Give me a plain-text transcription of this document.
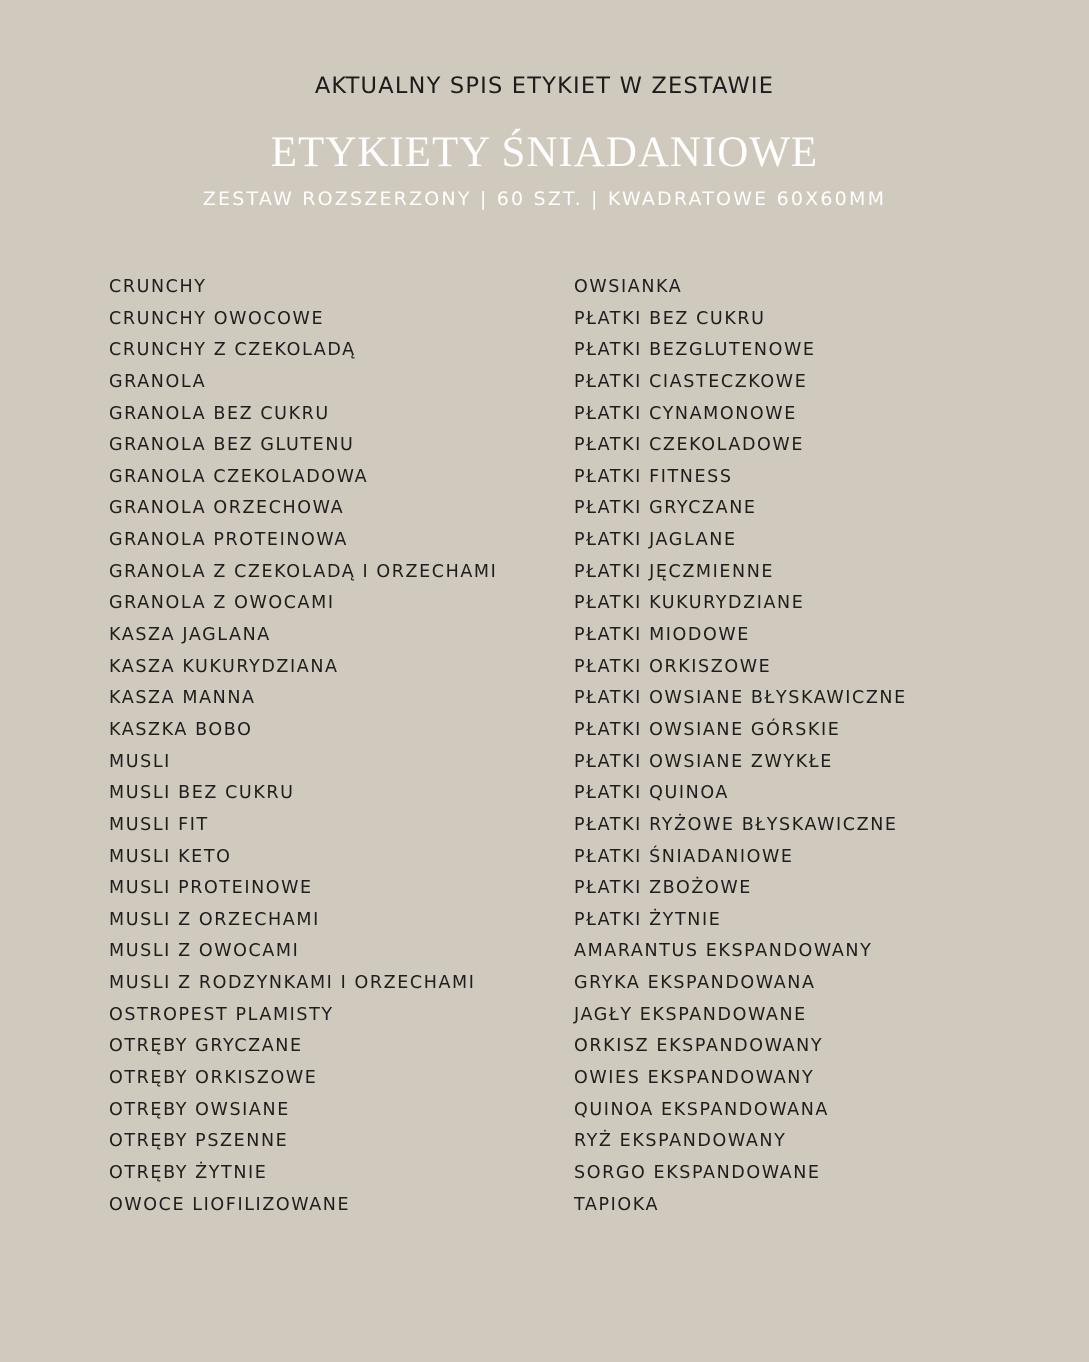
AKTUALNY SPIS ETYKIET W ZESTAWIE
ETYKIETY ŚNIADANIOWE
ZESTAW ROZSZERZONY | 60 SZT. | KWADRATOWE 60X60MM
CRUNCHY
CRUNCHY OWOCOWE
CRUNCHY Z CZEKOLADĄ
GRANOLA
GRANOLA BEZ CUKRU
GRANOLA BEZ GLUTENU
GRANOLA CZEKOLADOWA
GRANOLA ORZECHOWA
GRANOLA PROTEINOWA
GRANOLA Z CZEKOLADĄ I ORZECHAMI
GRANOLA Z OWOCAMI
KASZA JAGLANA
KASZA KUKURYDZIANA
KASZA MANNA
KASZKA BOBO
MUSLI
MUSLI BEZ CUKRU
MUSLI FIT
MUSLI KETO
MUSLI PROTEINOWE
MUSLI Z ORZECHAMI
MUSLI Z OWOCAMI
MUSLI Z RODZYNKAMI I ORZECHAMI
OSTROPEST PLAMISTY
OTRĘBY GRYCZANE
OTRĘBY ORKISZOWE
OTRĘBY OWSIANE
OTRĘBY PSZENNE
OTRĘBY ŻYTNIE
OWOCE LIOFILIZOWANE
OWSIANKA
PŁATKI BEZ CUKRU
PŁATKI BEZGLUTENOWE
PŁATKI CIASTECZKOWE
PŁATKI CYNAMONOWE
PŁATKI CZEKOLADOWE
PŁATKI FITNESS
PŁATKI GRYCZANE
PŁATKI JAGLANE
PŁATKI JĘCZMIENNE
PŁATKI KUKURYDZIANE
PŁATKI MIODOWE
PŁATKI ORKISZOWE
PŁATKI OWSIANE BŁYSKAWICZNE
PŁATKI OWSIANE GÓRSKIE
PŁATKI OWSIANE ZWYKŁE
PŁATKI QUINOA
PŁATKI RYŻOWE BŁYSKAWICZNE
PŁATKI ŚNIADANIOWE
PŁATKI ZBOŻOWE
PŁATKI ŻYTNIE
AMARANTUS EKSPANDOWANY
GRYKA EKSPANDOWANA
JAGŁY EKSPANDOWANE
ORKISZ EKSPANDOWANY
OWIES EKSPANDOWANY
QUINOA EKSPANDOWANA
RYŻ EKSPANDOWANY
SORGO EKSPANDOWANE
TAPIOKA
